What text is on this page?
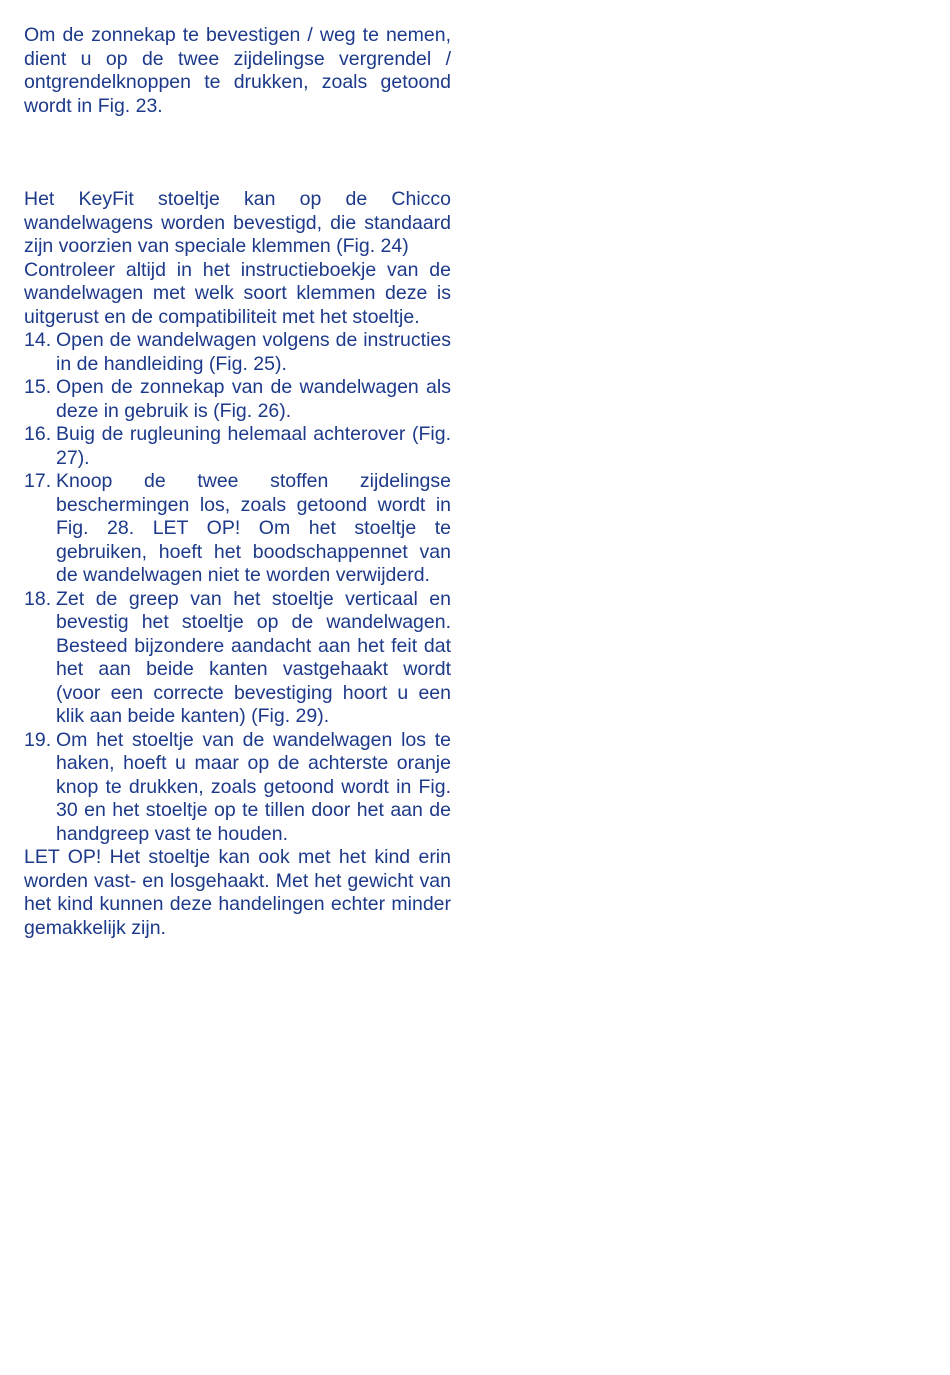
Om de zonnekap te bevestigen / weg te nemen, dient u op de twee zijdelingse vergrendel / ontgrendelknoppen te drukken, zoals getoond wordt in Fig. 23.

Het KeyFit stoeltje kan op de Chicco wandelwagens worden bevestigd, die standaard zijn voorzien van speciale klemmen (Fig. 24)

Controleer altijd in het instructieboekje van de wandelwagen met welk soort klemmen deze is uitgerust en de compatibiliteit met het stoeltje.

14. Open de wandelwagen volgens de instructies in de handleiding (Fig. 25).
15. Open de zonnekap van de wandelwagen als deze in gebruik is (Fig. 26).
16. Buig de rugleuning helemaal achterover (Fig. 27).
17. Knoop de twee stoffen zijdelingse beschermingen los, zoals getoond wordt in Fig. 28. LET OP! Om het stoeltje te gebruiken, hoeft het boodschappennet van de wandelwagen niet te worden verwijderd.
18. Zet de greep van het stoeltje verticaal en bevestig het stoeltje op de wandelwagen. Besteed bijzondere aandacht aan het feit dat het aan beide kanten vastgehaakt wordt (voor een correcte bevestiging hoort u een klik aan beide kanten) (Fig. 29).
19. Om het stoeltje van de wandelwagen los te haken, hoeft u maar op de achterste oranje knop te drukken, zoals getoond wordt in Fig. 30 en het stoeltje op te tillen door het aan de handgreep vast te houden.

LET OP! Het stoeltje kan ook met het kind erin worden vast- en losgehaakt. Met het gewicht van het kind kunnen deze handelingen echter minder gemakkelijk zijn.
